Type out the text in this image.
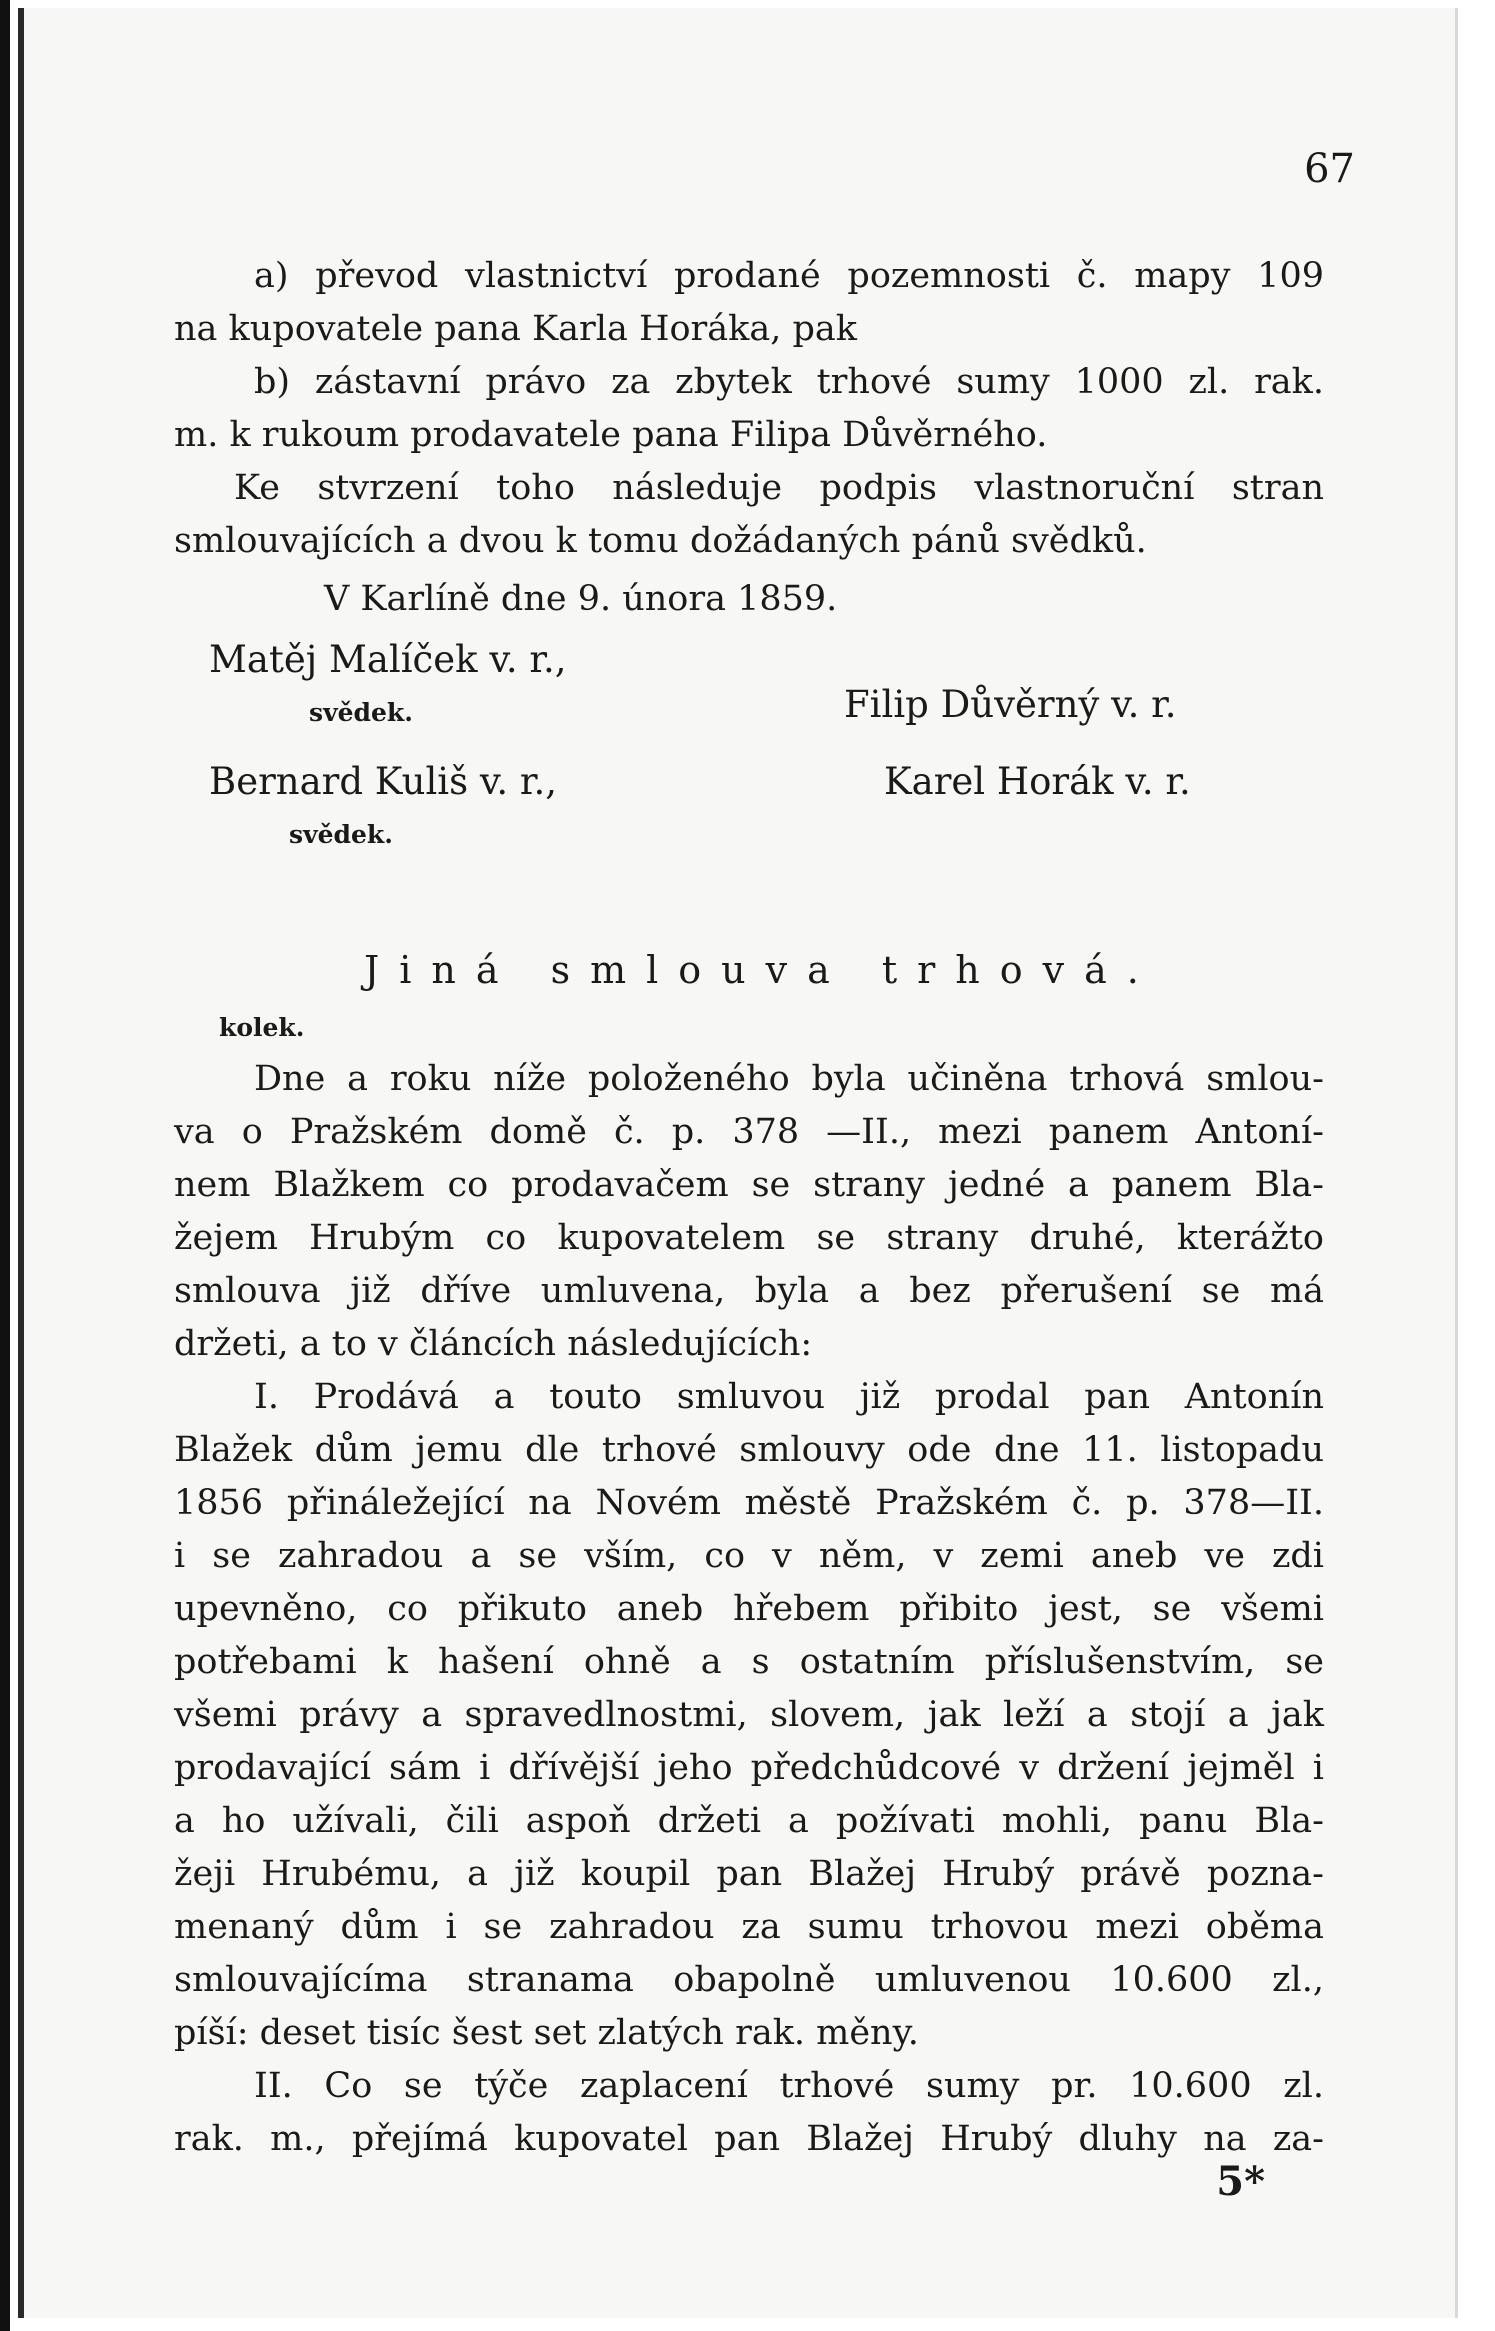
67
a) převod vlastnictví prodané pozemnosti č. mapy 109
na kupovatele pana Karla Horáka, pak
b) zástavní právo za zbytek trhové sumy 1000 zl. rak.
m. k rukoum prodavatele pana Filipa Důvěrného.
Ke stvrzení toho následuje podpis vlastnoruční stran
smlouvajících a dvou k tomu dožádaných pánů svědků.
V Karlíně dne 9. února 1859.
Matěj Malíček v. r.,
svědek.	Filip Důvěrný v. r.
Bernard Kuliš v. r.,	Karel Horák v. r.
svědek.
Jiná smlouva trhová.
kolek.
Dne a roku níže položeného byla učiněna trhová smlou-
va o Pražském domě č. p. 378 —II., mezi panem Antoní-
nem Blažkem co prodavačem se strany jedné a panem Bla-
žejem Hrubým co kupovatelem se strany druhé, kterážto
smlouva již dříve umluvena, byla a bez přerušení se má
držeti, a to v článcích následujících:
I. Prodává a touto smluvou již prodal pan Antonín
Blažek dům jemu dle trhové smlouvy ode dne 11. listopadu
1856 přináležející na Novém městě Pražském č. p. 378—II.
i se zahradou a se vším, co v něm, v zemi aneb ve zdi
upevněno, co přikuto aneb hřebem přibito jest, se všemi
potřebami k hašení ohně a s ostatním příslušenstvím, se
všemi právy a spravedlnostmi, slovem, jak leží a stojí a jak
prodavající sám i dřívější jeho předchůdcové v držení jejměl i
a ho užívali, čili aspoň držeti a požívati mohli, panu Bla-
žeji Hrubému, a již koupil pan Blažej Hrubý právě pozna-
menaný dům i se zahradou za sumu trhovou mezi oběma
smlouvajícíma stranama obapolně umluvenou 10.600 zl.,
píší: deset tisíc šest set zlatých rak. měny.
II. Co se týče zaplacení trhové sumy pr. 10.600 zl.
rak. m., přejímá kupovatel pan Blažej Hrubý dluhy na za-
5*
